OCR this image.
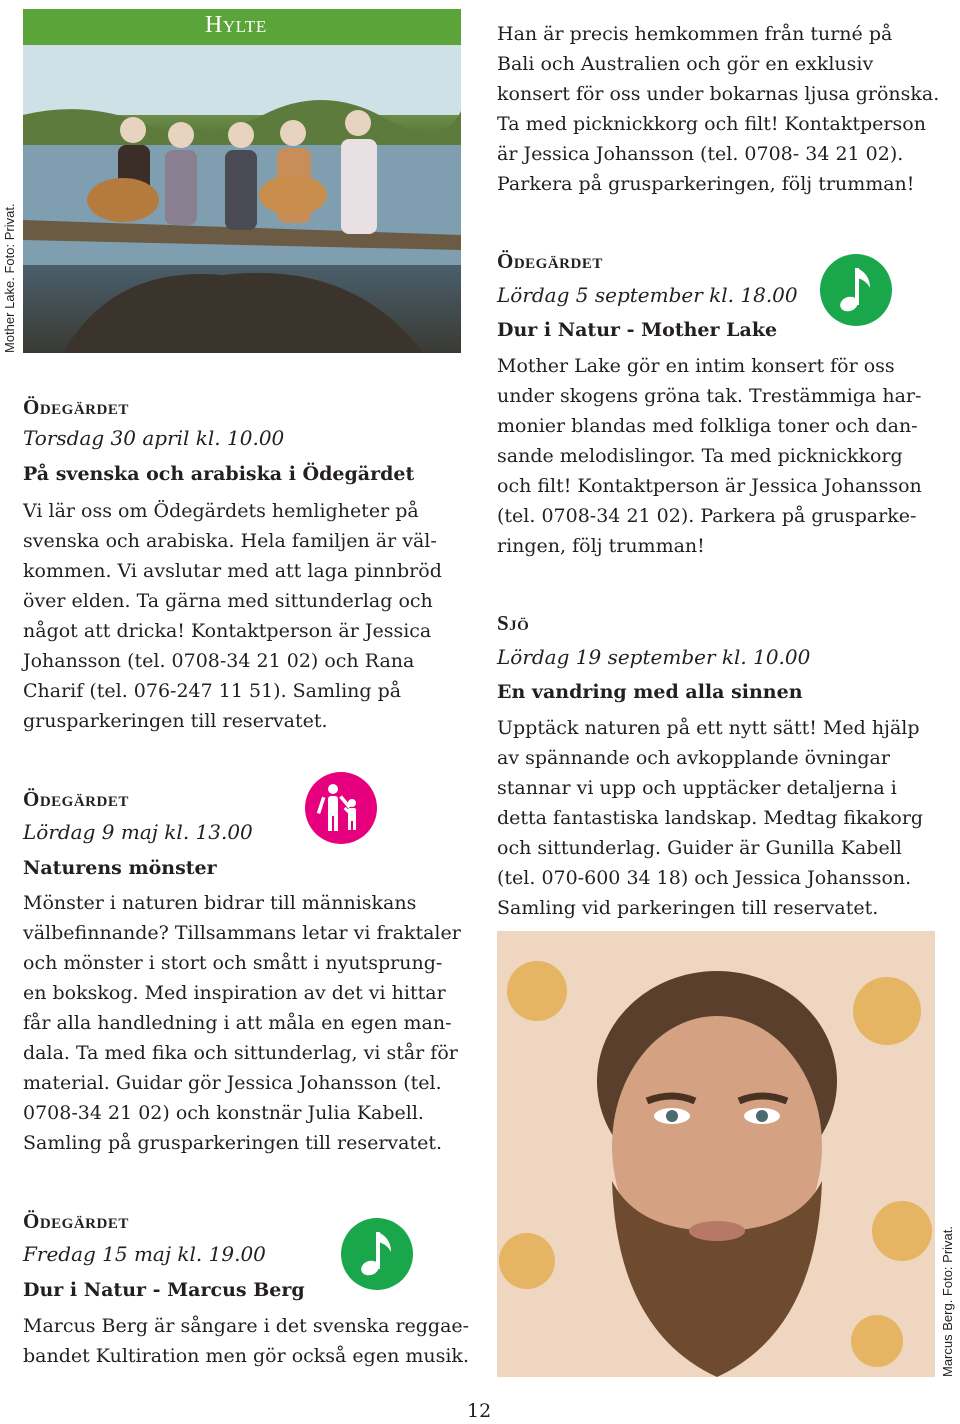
Hylte
Mother Lake. Foto: Privat.
Ödegärdet
Torsdag 30 april kl. 10.00
På svenska och arabiska i Ödegärdet
Vi lär oss om Ödegärdets hemligheter på
svenska och arabiska. Hela familjen är väl-
kommen. Vi avslutar med att laga pinnbröd
över elden. Ta gärna med sittunderlag och
något att dricka! Kontaktperson är Jessica
Johansson (tel. 0708-34 21 02) och Rana
Charif (tel. 076-247 11 51). Samling på
grusparkeringen till reservatet.
Ödegärdet
Lördag 9 maj kl. 13.00
Naturens mönster
Mönster i naturen bidrar till människans
välbefinnande? Tillsammans letar vi fraktaler
och mönster i stort och smått i nyutsprung-
en bokskog. Med inspiration av det vi hittar
får alla handledning i att måla en egen man-
dala. Ta med fika och sittunderlag, vi står för
material. Guidar gör Jessica Johansson (tel.
0708-34 21 02) och konstnär Julia Kabell.
Samling på grusparkeringen till reservatet.
Ödegärdet
Fredag 15 maj kl. 19.00
Dur i Natur - Marcus Berg
Marcus Berg är sångare i det svenska reggae-
bandet Kultiration men gör också egen musik.
Han är precis hemkommen från turné på
Bali och Australien och gör en exklusiv
konsert för oss under bokarnas ljusa grönska.
Ta med picknickkorg och filt! Kontaktperson
är Jessica Johansson (tel. 0708- 34 21 02).
Parkera på grusparkeringen, följ trumman!
Ödegärdet
Lördag 5 september kl. 18.00
Dur i Natur - Mother Lake
Mother Lake gör en intim konsert för oss
under skogens gröna tak. Trestämmiga har-
monier blandas med folkliga toner och dan-
sande melodislingor. Ta med picknickkorg
och filt! Kontaktperson är Jessica Johansson
(tel. 0708-34 21 02). Parkera på grusparke-
ringen, följ trumman!
Sjö
Lördag 19 september kl. 10.00
En vandring med alla sinnen
Upptäck naturen på ett nytt sätt! Med hjälp
av spännande och avkopplande övningar
stannar vi upp och upptäcker detaljerna i
detta fantastiska landskap. Medtag fikakorg
och sittunderlag. Guider är Gunilla Kabell
(tel. 070-600 34 18) och Jessica Johansson.
Samling vid parkeringen till reservatet.
Marcus Berg. Foto: Privat.
12
